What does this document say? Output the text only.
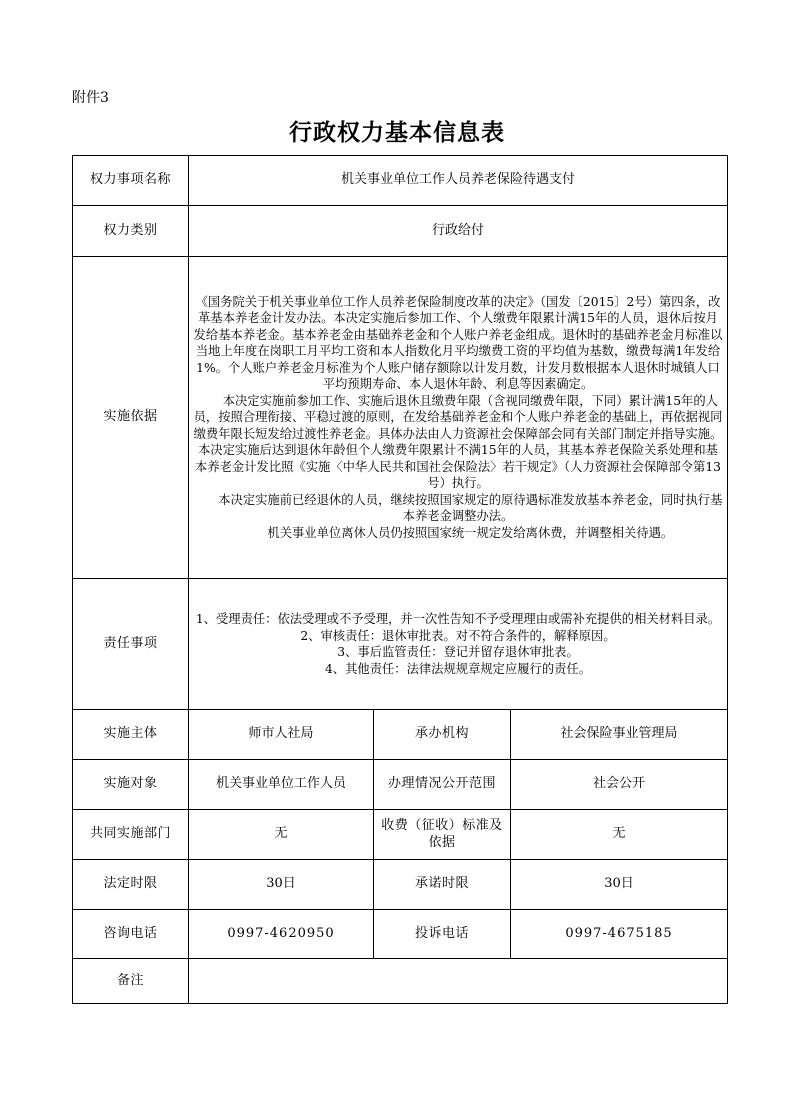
附件3
行政权力基本信息表
权力事项名称	机关事业单位工作人员养老保险待遇支付		
权力类别	行政给付		
实施依据	《国务院关于机关事业单位工作人员养老保险制度改革的决定》（国发〔2015〕2号）第四条，改革基本养老金计发办法。本决定实施后参加工作、个人缴费年限累计满15年的人员，退休后按月发给基本养老金。基本养老金由基础养老金和个人账户养老金组成。退休时的基础养老金月标准以当地上年度在岗职工月平均工资和本人指数化月平均缴费工资的平均值为基数，缴费每满1年发给1%。个人账户养老金月标准为个人账户储存额除以计发月数，计发月数根据本人退休时城镇人口平均预期寿命、本人退休年龄、利息等因素确定。

本决定实施前参加工作、实施后退休且缴费年限（含视同缴费年限，下同）累计满15年的人员，按照合理衔接、平稳过渡的原则，在发给基础养老金和个人账户养老金的基础上，再依据视同缴费年限长短发给过渡性养老金。具体办法由人力资源社会保障部会同有关部门制定并指导实施。

本决定实施后达到退休年龄但个人缴费年限累计不满15年的人员，其基本养老保险关系处理和基本养老金计发比照《实施〈中华人民共和国社会保险法〉若干规定》（人力资源社会保障部令第13号）执行。

本决定实施前已经退休的人员，继续按照国家规定的原待遇标准发放基本养老金，同时执行基本养老金调整办法。

机关事业单位离休人员仍按照国家统一规定发给离休费，并调整相关待遇。		

责任事项	1、受理责任：依法受理或不予受理，并一次性告知不予受理理由或需补充提供的相关材料目录。
2、审核责任：退休审批表。对不符合条件的，解释原因。
3、事后监管责任：登记并留存退休审批表。
4、其他责任：法律法规规章规定应履行的责任。		

实施主体	师市人社局	承办机构	社会保险事业管理局
实施对象	机关事业单位工作人员	办理情况公开范围	社会公开
共同实施部门	无	收费（征收）标准及依据	无
法定时限	30日	承诺时限	30日
咨询电话	0997-4620950	投诉电话	0997-4675185
备注			
